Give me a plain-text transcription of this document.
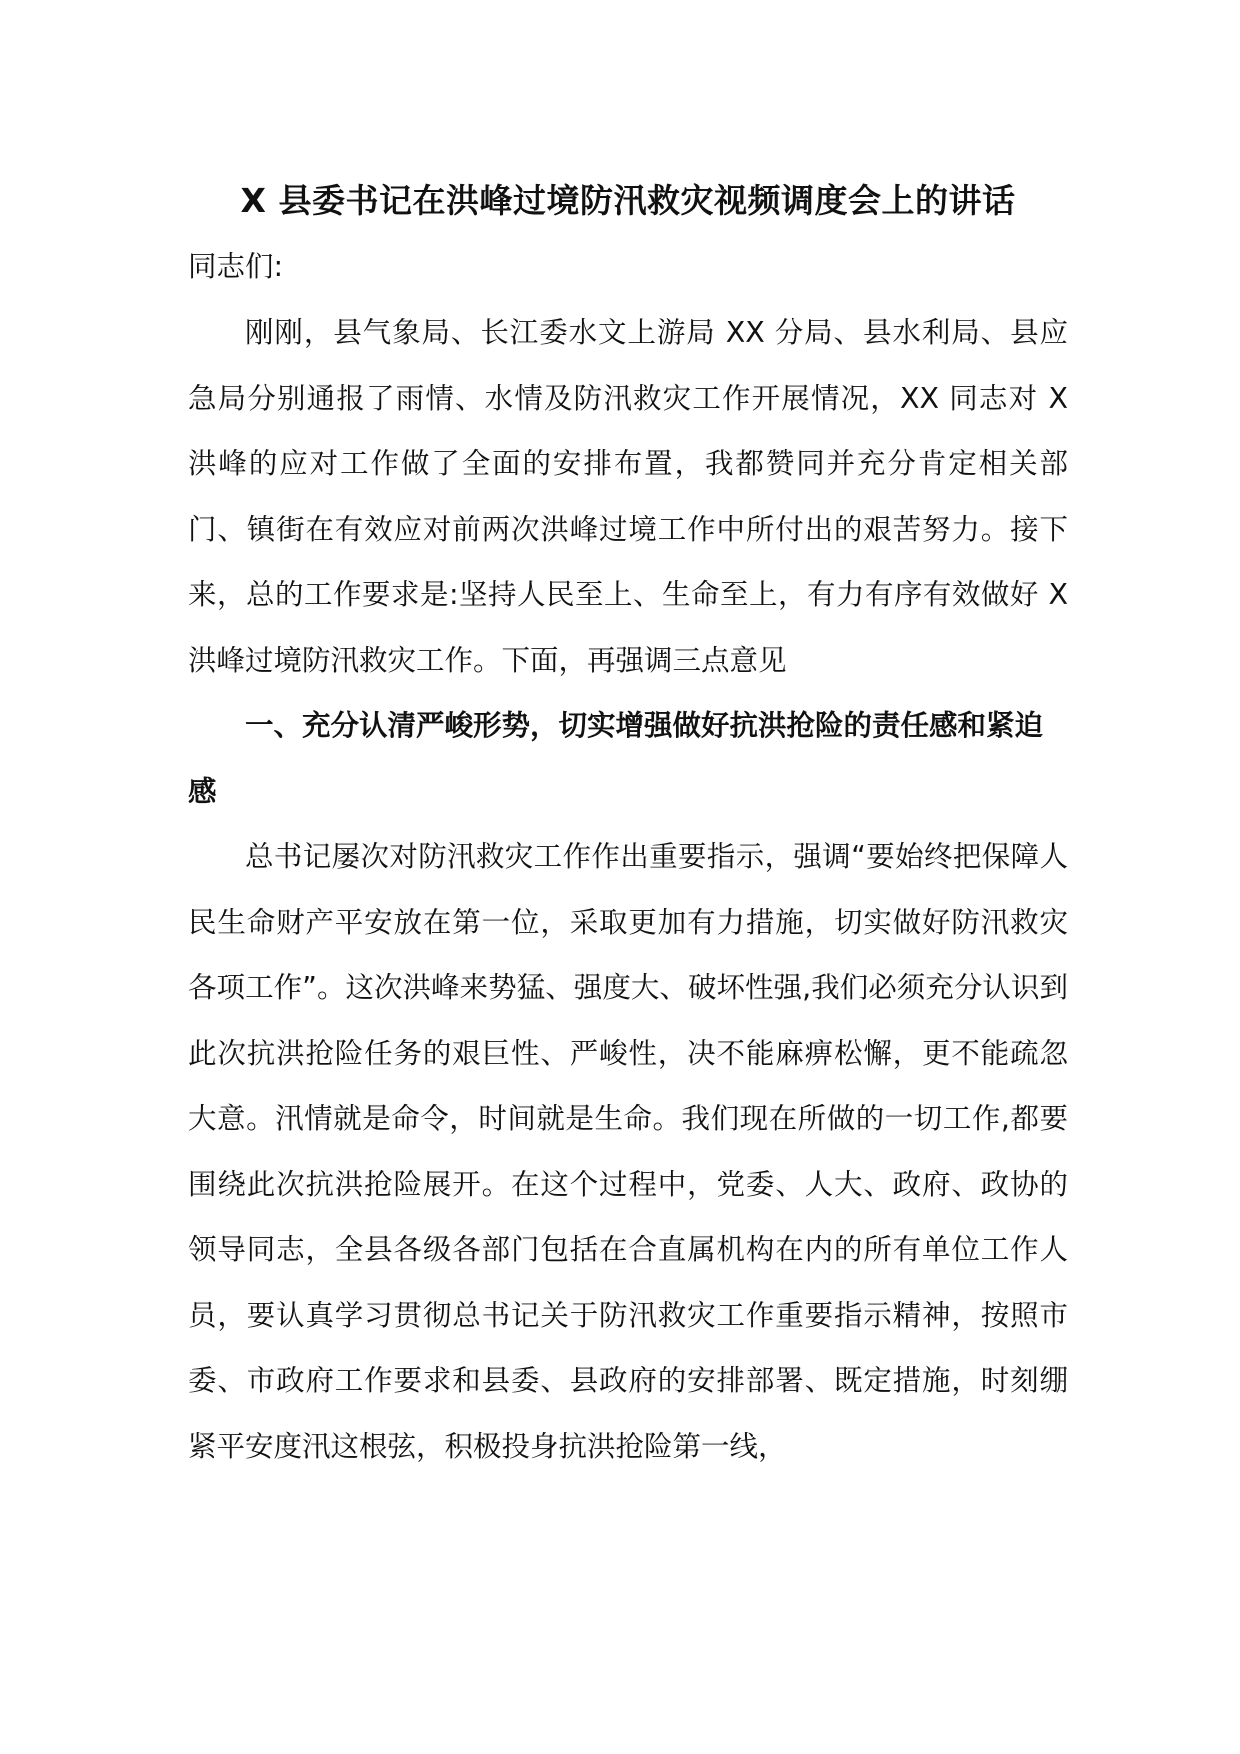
X 县委书记在洪峰过境防汛救灾视频调度会上的讲话

同志们:

刚刚，县气象局、长江委水文上游局 XX 分局、县水利局、县应急局分别通报了雨情、水情及防汛救灾工作开展情况，XX 同志对 X 洪峰的应对工作做了全面的安排布置，我都赞同并充分肯定相关部门、镇街在有效应对前两次洪峰过境工作中所付出的艰苦努力。接下来，总的工作要求是:坚持人民至上、生命至上，有力有序有效做好 X 洪峰过境防汛救灾工作。下面，再强调三点意见

一、充分认清严峻形势，切实增强做好抗洪抢险的责任感和紧迫感

总书记屡次对防汛救灾工作作出重要指示，强调“要始终把保障人民生命财产平安放在第一位，采取更加有力措施，切实做好防汛救灾各项工作”。这次洪峰来势猛、强度大、破坏性强,我们必须充分认识到此次抗洪抢险任务的艰巨性、严峻性，决不能麻痹松懈，更不能疏忽大意。汛情就是命令，时间就是生命。我们现在所做的一切工作,都要围绕此次抗洪抢险展开。在这个过程中，党委、人大、政府、政协的领导同志，全县各级各部门包括在合直属机构在内的所有单位工作人员，要认真学习贯彻总书记关于防汛救灾工作重要指示精神，按照市委、市政府工作要求和县委、县政府的安排部署、既定措施，时刻绷紧平安度汛这根弦，积极投身抗洪抢险第一线，
